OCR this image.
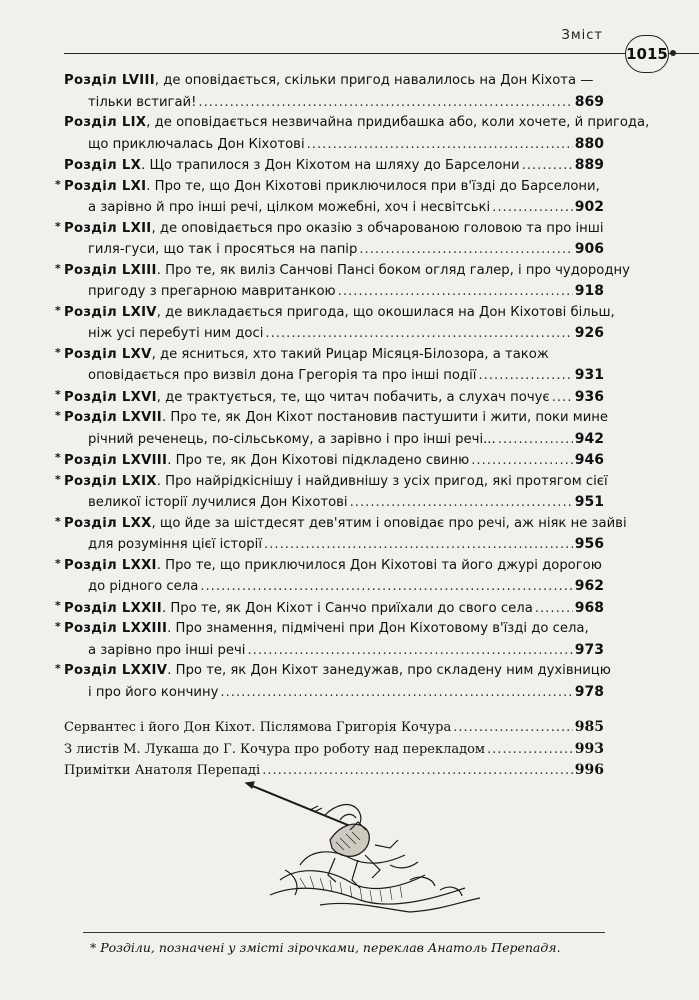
Зміст
1015
Розділ LVIII , де оповідається, скільки пригод навалилось на Дон Кіхота —
тільки встигай! .....	869
Розділ LIX , де оповідається незвичайна придибашка або, коли хочете, й пригода,
що приключалась Дон Кіхотові .....	880
Розділ LX . Що трапилося з Дон Кіхотом на шляху до Барселони .....	889
* Розділ LXI . Про те, що Дон Кіхотові приключилося при в'їзді до Барселони,
а зарівно й про інші речі, цілком можебні, хоч і несвітські .....	902
* Розділ LXII , де оповідається про оказію з обчарованою головою та про інші
гиля-гуси, що так і просяться на папір .....	906
* Розділ LXIII . Про те, як виліз Санчові Пансі боком огляд галер, і про чудородну
пригоду з прегарною мавританкою .....	918
* Розділ LXIV , де викладається пригода, що окошилася на Дон Кіхотові більш,
ніж усі перебуті ним досі .....	926
* Розділ LXV , де ясниться, хто такий Рицар Місяця-Білозора, а також
оповідається про визвіл дона Грегорія та про інші події .....	931
* Розділ LXVI , де трактується, те, що читач побачить, а слухач почує ..... 936
* Розділ LXVII . Про те, як Дон Кіхот постановив пастушити і жити, поки мине
річний реченець, по-сільському, а зарівно і про інші речі... .....	942
* Розділ LXVIII . Про те, як Дон Кіхотові підкладено свиню .....	946
* Розділ LXIX . Про найрідкіснішу і найдивнішу з усіх пригод, які протягом сієї
великої історії лучилися Дон Кіхотові .....	951
* Розділ LXX , що йде за шістдесят дев'ятим і оповідає про речі, аж ніяк не зайві
для розуміння цієї історії .....	956
* Розділ LXXI . Про те, що приключилося Дон Кіхотові та його джурі дорогою
до рідного села .....	962
* Розділ LXXII . Про те, як Дон Кіхот і Санчо приїхали до свого села .....	968
* Розділ LXXIII . Про знамення, підмічені при Дон Кіхотовому в'їзді до села,
а зарівно про інші речі .....	973
* Розділ LXXIV . Про те, як Дон Кіхот занедужав, про складену ним духівницю
і про його кончину .....	978
Сервантес і його Дон Кіхот. Післямова Григорія Кочура .....	985
З листів М. Лукаша до Г. Кочура про роботу над перекладом .....	993
Примітки Анатоля Перепаді .....	996
* Розділи, позначені у змісті зірочками, переклав Анатоль Перепадя.
